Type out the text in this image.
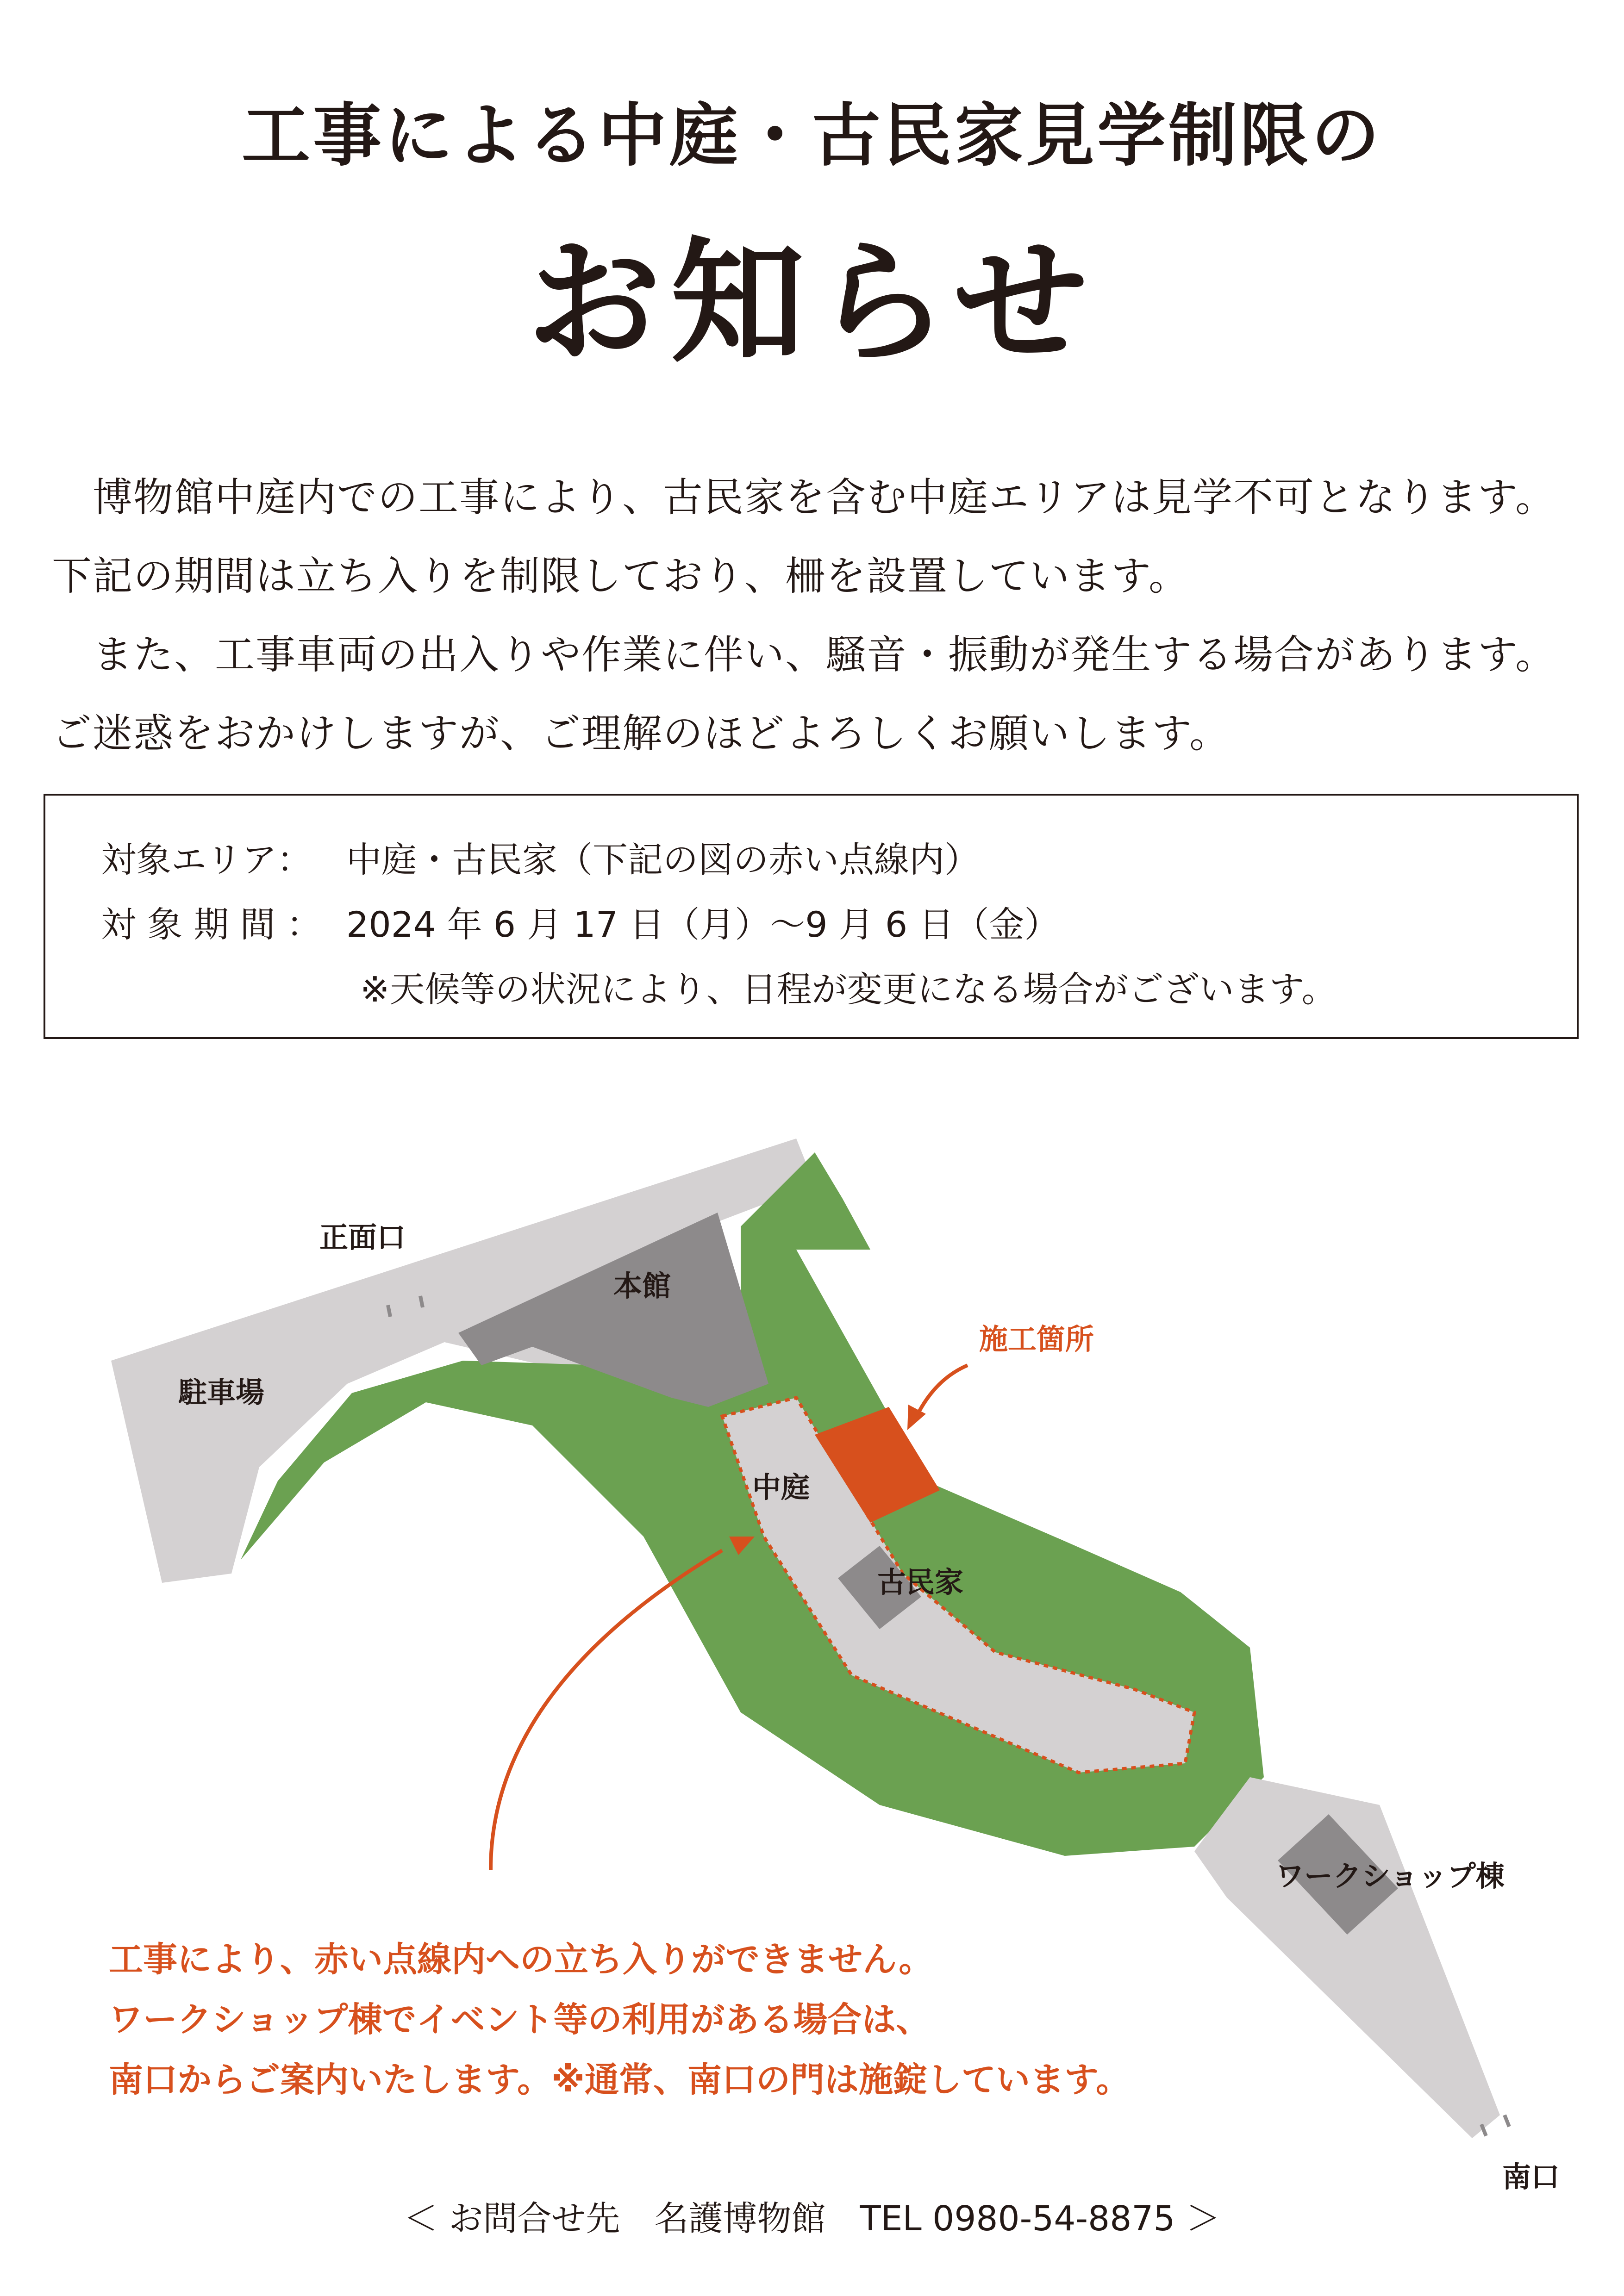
工事による中庭・古民家見学制限の
お知らせ
　博物館中庭内での工事により、古民家を含む中庭エリアは見学不可となります。下記の期間は立ち入りを制限しており、柵を設置しています。
　また、工事車両の出入りや作業に伴い、騒音・振動が発生する場合があります。ご迷惑をおかけしますが、ご理解のほどよろしくお願いします。
対象エリア： 中庭・古民家（下記の図の赤い点線内）
対 象 期 間 ： 2024 年 6 月 17 日（月）～9 月 6 日（金）
※天候等の状況により、日程が変更になる場合がございます。
正面口
駐車場
本館
施工箇所
中庭
古民家
ワークショップ棟
南口
工事により、赤い点線内への立ち入りができません。
ワークショップ棟でイベント等の利用がある場合は、
南口からご案内いたします。※通常、南口の門は施錠しています。
＜ お問合せ先　名護博物館　TEL 0980-54-8875 ＞
